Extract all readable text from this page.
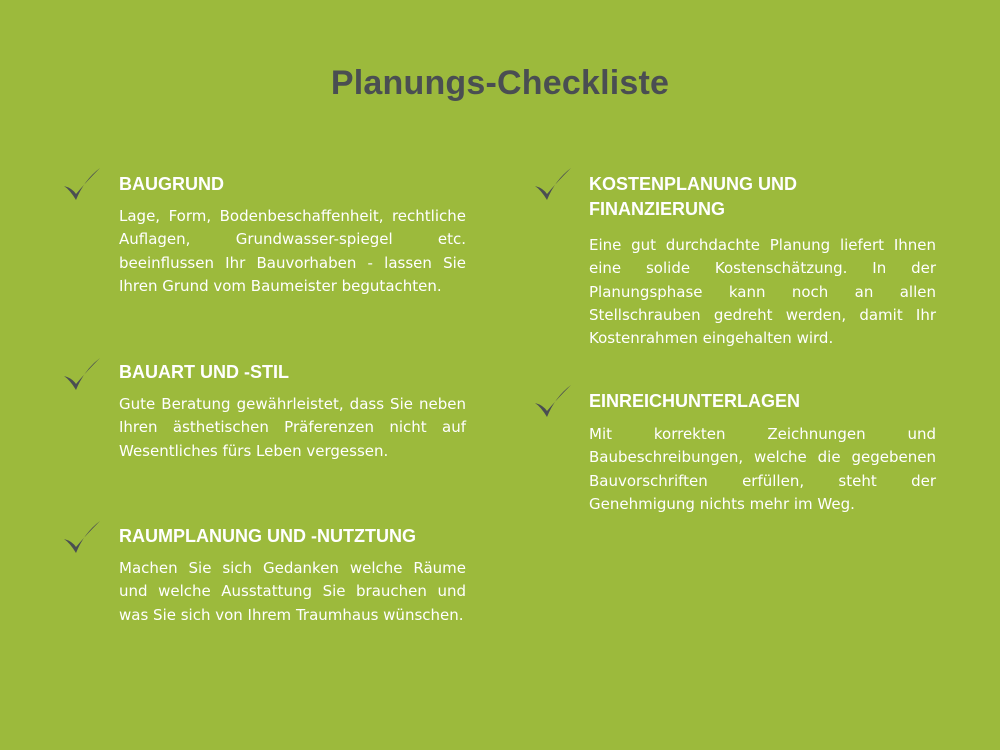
Planungs-Checkliste
BAUGRUND
Lage, Form, Bodenbeschaffenheit, rechtliche Auflagen, Grundwasser-spiegel etc. beeinflussen Ihr Bauvorhaben - lassen Sie Ihren Grund vom Baumeister begutachten.
BAUART UND -STIL
Gute Beratung gewährleistet, dass Sie neben Ihren ästhetischen Präferenzen nicht auf Wesentliches fürs Leben vergessen.
RAUMPLANUNG UND -NUTZTUNG
Machen Sie sich Gedanken welche Räume und welche Ausstattung Sie brauchen und was Sie sich von Ihrem Traumhaus wünschen.
KOSTENPLANUNG UND FINANZIERUNG
Eine gut durchdachte Planung liefert Ihnen eine solide Kostenschätzung. In der Planungsphase kann noch an allen Stellschrauben gedreht werden, damit Ihr Kostenrahmen eingehalten wird.
EINREICHUNTERLAGEN
Mit korrekten Zeichnungen und Baubeschreibungen, welche die gegebenen Bauvorschriften erfüllen, steht der Genehmigung nichts mehr im Weg.
